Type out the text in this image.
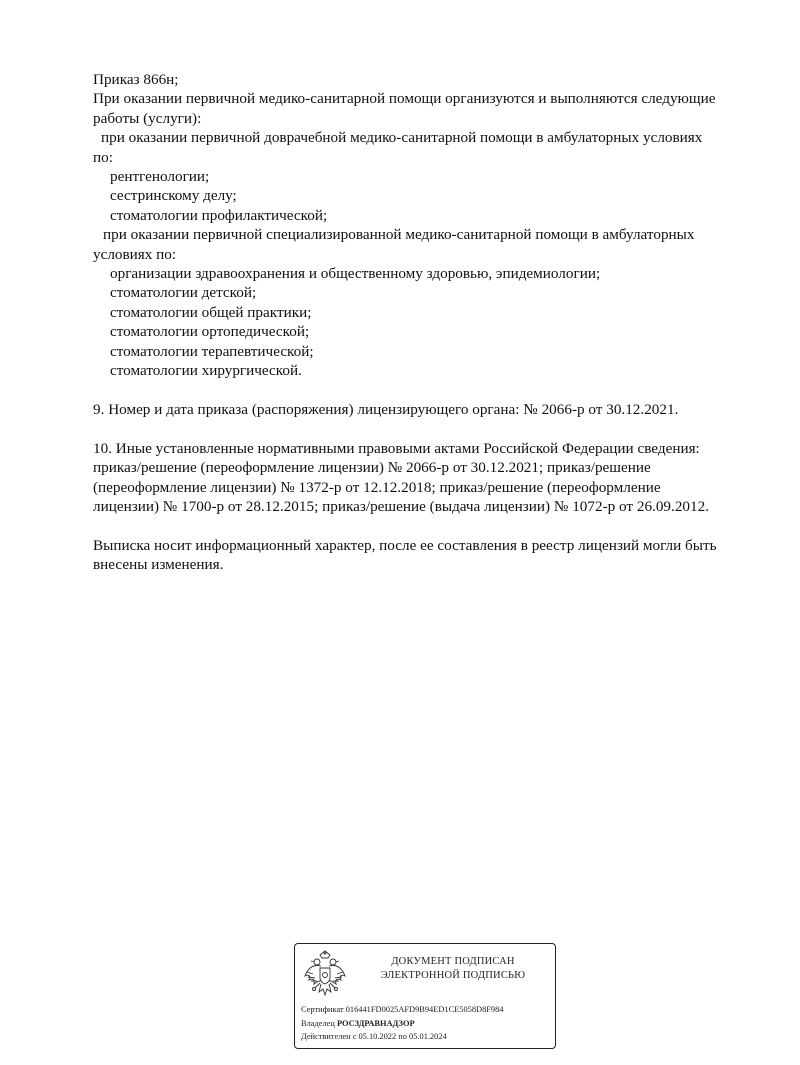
Приказ 866н;
При оказании первичной медико-санитарной помощи организуются и выполняются следующие
работы (услуги):
при оказании первичной доврачебной медико-санитарной помощи в амбулаторных условиях
по:
рентгенологии;
сестринскому делу;
стоматологии профилактической;
при оказании первичной специализированной медико-санитарной помощи в амбулаторных
условиях по:
организации здравоохранения и общественному здоровью, эпидемиологии;
стоматологии детской;
стоматологии общей практики;
стоматологии ортопедической;
стоматологии терапевтической;
стоматологии хирургической.
9. Номер и дата приказа (распоряжения) лицензирующего органа: № 2066-р от 30.12.2021.
10. Иные установленные нормативными правовыми актами Российской Федерации сведения:
приказ/решение (переоформление лицензии) № 2066-р от 30.12.2021; приказ/решение
(переоформление лицензии) № 1372-р от 12.12.2018; приказ/решение (переоформление
лицензии) № 1700-р от 28.12.2015; приказ/решение (выдача лицензии) № 1072-р от 26.09.2012.
Выписка носит информационный характер, после ее составления в реестр лицензий могли быть
внесены изменения.
ДОКУМЕНТ ПОДПИСАН
ЭЛЕКТРОННОЙ ПОДПИСЬЮ
Сертификат 016441FD0025AFD9B94ED1CE5058D8F984
Владелец РОСЗДРАВНАДЗОР
Действителен с 05.10.2022 по 05.01.2024
